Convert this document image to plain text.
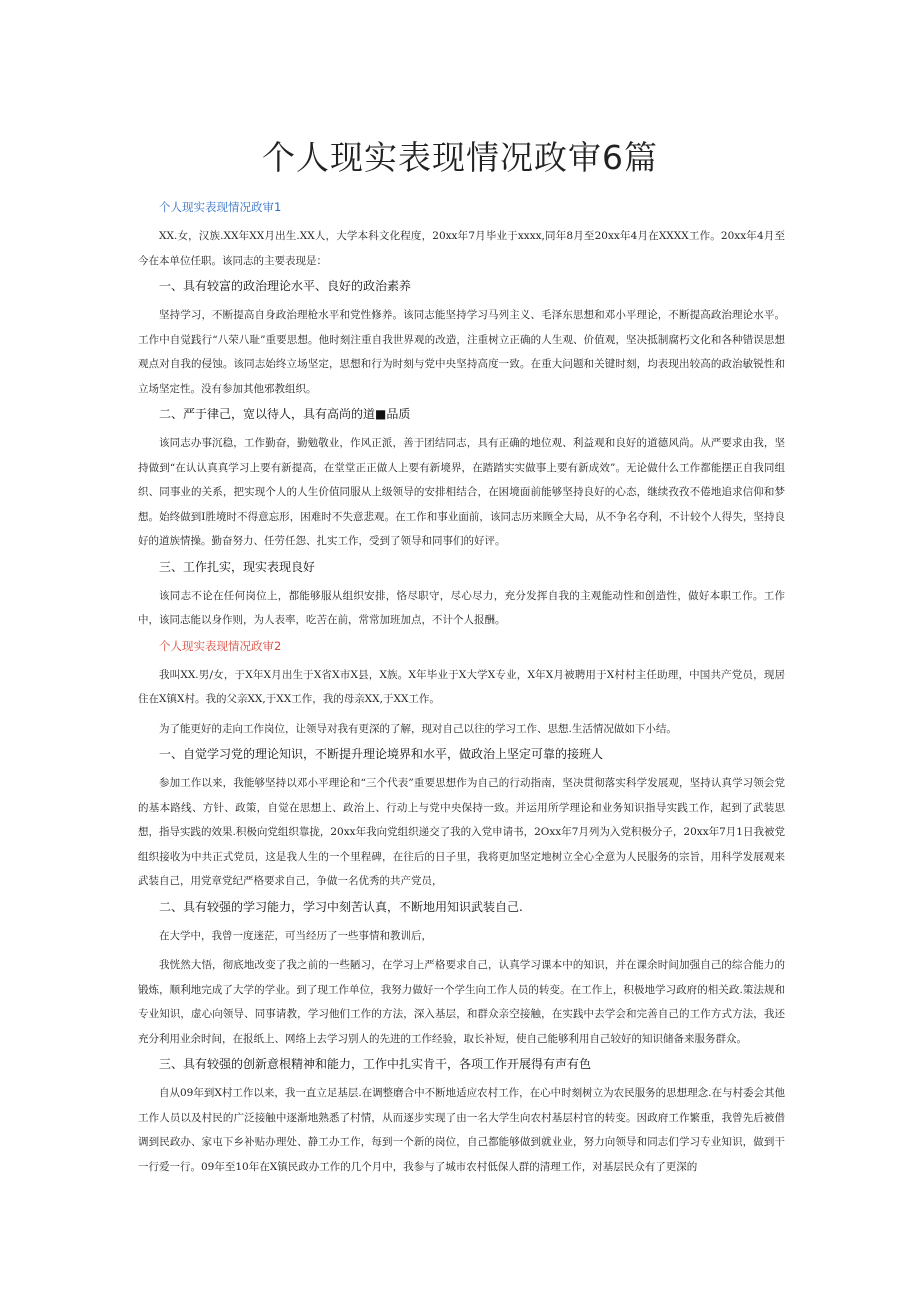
个人现实表现情况政审6篇
个人现实表现情况政审1

XX.女，汉族.XX年XX月出生.XX人，大学本科文化程度，20xx年7月毕业于xxxx,同年8月至20xx年4月在XXXX工作。20xx年4月至今在本单位任职。该同志的主要表现是：

一、具有较富的政治理论水平、良好的政治素养

坚持学习，不断提高自身政治理枪水平和党性修养。该同志能坚持学习马列主义、毛泽东思想和邓小平理论，不断提高政治理论水平。工作中自觉践行“八荣八耻”重要思想。他时刻注重自我世界观的改造，注重树立正确的人生观、价值观，坚决抵制腐朽文化和各种错误思想观点对自我的侵蚀。该同志始终立场坚定，思想和行为时刻与党中央坚持高度一致。在重大问题和关键时刻，均表现出较高的政治敏锐性和立场坚定性。没有参加其他邪教组织。

二、严于律己，宽以待人，具有高尚的道■品质

该同志办事沉稳，工作勤奋，勤勉敬业，作风正派，善于团结同志，具有正确的地位观、利益观和良好的道德风尚。从严要求由我，坚持做到“在认认真真学习上要有新提高，在堂堂正正做人上要有新境界，在踏踏实实做事上要有新成效”。无论做什么工作都能摆正自我同组织、同事业的关系，把实现个人的人生价值同服从上级领导的安排相结合，在困境面前能够坚持良好的心态，继续孜孜不倦地追求信仰和梦想。始终做到Ⅰ胜境时不得意忘形，困难时不失意悲观。在工作和事业面前，该同志历来顾全大局，从不争名夺利，不计较个人得失，坚持良好的道族情操。勤奋努力、任劳任怨、扎实工作，受到了领导和同事们的好评。

三、工作扎实，现实表现良好

该同志不论在任何岗位上，都能够服从组织安排，恪尽职守，尽心尽力，充分发挥自我的主观能动性和创造性，做好本职工作。工作中，该同志能以身作则，为人表率，吃苦在前，常常加班加点，不计个人报酬。

个人现实表现情况政审2

我叫XX.男/女，于X年X月出生于X省X市X县，X族。X年毕业于X大学X专业，X年X月被聘用于X村村主任助理，中国共产党员，现居住在X镇X村。我的父亲XX,于XX工作，我的母亲XX,于XX工作。

为了能更好的走向工作岗位，让领导对我有更深的了解，现对自己以往的学习工作、思想.生活情况做如下小结。

一、自觉学习党的理论知识，不断提升理论境界和水平，做政治上坚定可靠的接班人

参加工作以来，我能够坚持以邓小平理论和“三个代表”重要思想作为自己的行动指南，坚决贯彻落实科学发展观，坚持认真学习领会党的基本路线、方针、政策，自觉在思想上、政治上、行动上与党中央保持一致。并运用所学理论和业务知识指导实践工作，起到了武装思想，指导实践的效果.积极向党组织靠拢，20xx年我向党组织递交了我的入党申请书，2Oxx年7月列为入党积极分子，20xx年7月1日我被党组织接收为中共正式党员，这是我人生的一个里程碑，在往后的日子里，我将更加坚定地树立全心全意为人民服务的宗旨，用科学发展观来武装自己，用党章党纪严格要求自己，争做一名优秀的共产党员，

二、具有较强的学习能力，学习中刻苦认真，不断地用知识武装自己.

在大学中，我曾一度迷茫，可当经历了一些事情和教训后，

我恍然大悟，彻底地改变了我之前的一些陋习，在学习上严格要求自己，认真学习课本中的知识，并在课余时间加强自己的综合能力的锻炼，顺利地完成了大学的学业。到了现工作单位，我努力做好一个学生向工作人员的转变。在工作上，积极地学习政府的相关政.策法规和专业知识，虚心向领导、同事请教，学习他们工作的方法，深入基层，和群众亲空接触，在实践中去学会和完善自己的工作方式方法，我还充分利用业余时间，在报纸上、网络上去学习别人的先进的工作经验，取长补短，使自己能够利用自己较好的知识储备来服务群众。

三、具有较强的创新意根精神和能力，工作中扎实肯干，各项工作开展得有声有色

自从09年到X村工作以来，我一直立足基层.在调整磨合中不断地适应农村工作，在心中时刻树立为农民服务的思想理念.在与村委会其他工作人员以及村民的广泛接触中逐渐地熟悉了村情，从而逐步实现了由一名大学生向农村基层村官的转变。因政府工作繁重，我曾先后被借调到民政办、家屯下乡补贴办理处、静工办工作，每到一个新的岗位，自己都能够做到就业业，努力向领导和同志们学习专业知识，做到干一行爱一行。09年至10年在X镇民政办工作的几个月中，我参与了城市农村低保人群的清理工作，对基层民众有了更深的
